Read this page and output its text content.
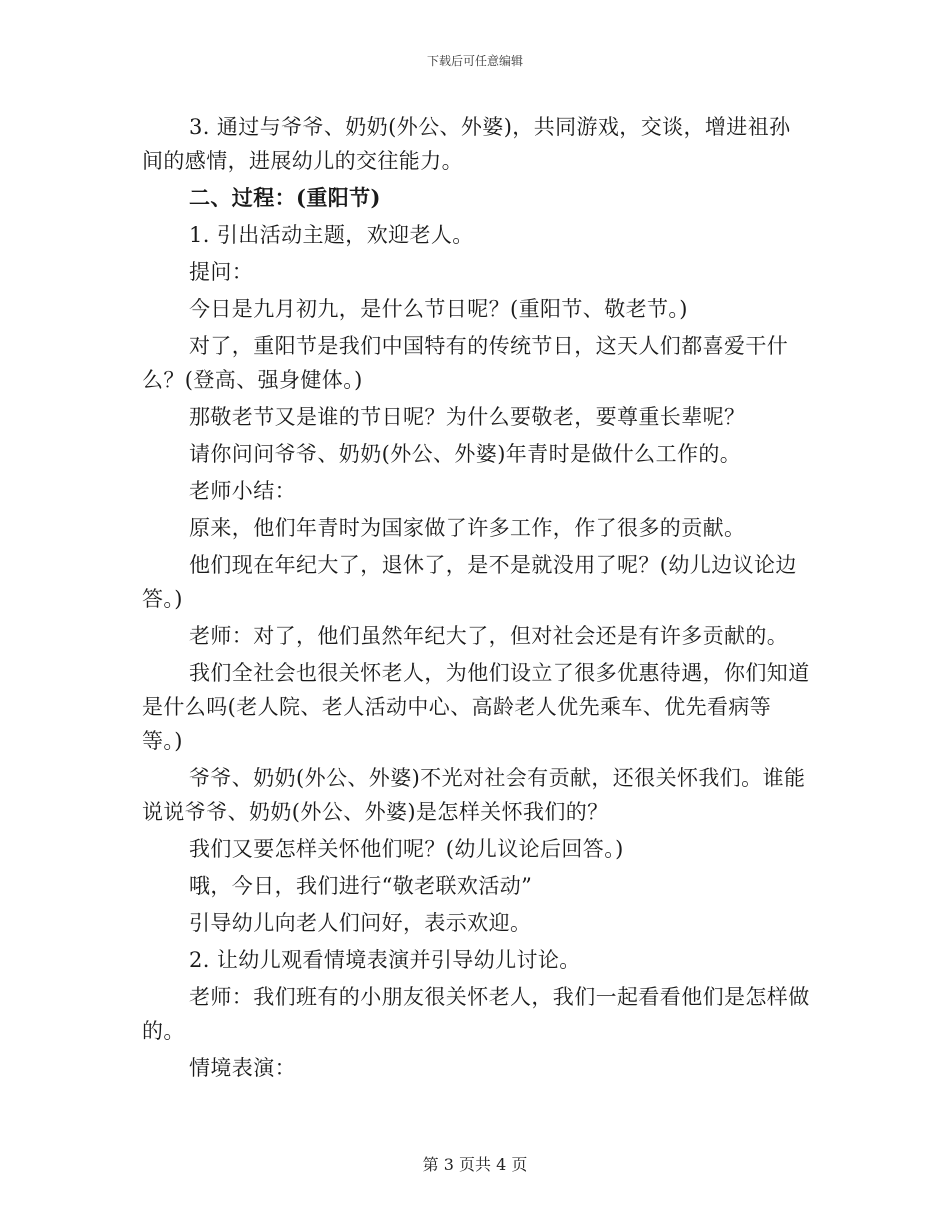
下载后可任意编辑
3. 通过与爷爷、奶奶(外公、外婆)，共同游戏，交谈，增进祖孙间的感情，进展幼儿的交往能力。
二、过程：(重阳节)
1. 引出活动主题，欢迎老人。
提问：
今日是九月初九，是什么节日呢？(重阳节、敬老节。)
对了，重阳节是我们中国特有的传统节日，这天人们都喜爱干什么？(登高、强身健体。)
那敬老节又是谁的节日呢？为什么要敬老，要尊重长辈呢？
请你问问爷爷、奶奶(外公、外婆)年青时是做什么工作的。
老师小结：
原来，他们年青时为国家做了许多工作，作了很多的贡献。
他们现在年纪大了，退休了，是不是就没用了呢？(幼儿边议论边答。)
老师：对了，他们虽然年纪大了，但对社会还是有许多贡献的。
我们全社会也很关怀老人，为他们设立了很多优惠待遇，你们知道是什么吗(老人院、老人活动中心、高龄老人优先乘车、优先看病等等。)
爷爷、奶奶(外公、外婆)不光对社会有贡献，还很关怀我们。谁能说说爷爷、奶奶(外公、外婆)是怎样关怀我们的？
我们又要怎样关怀他们呢？(幼儿议论后回答。)
哦，今日，我们进行“敬老联欢活动”
引导幼儿向老人们问好，表示欢迎。
2. 让幼儿观看情境表演并引导幼儿讨论。
老师：我们班有的小朋友很关怀老人，我们一起看看他们是怎样做的。
情境表演：
第 3 页共 4 页
